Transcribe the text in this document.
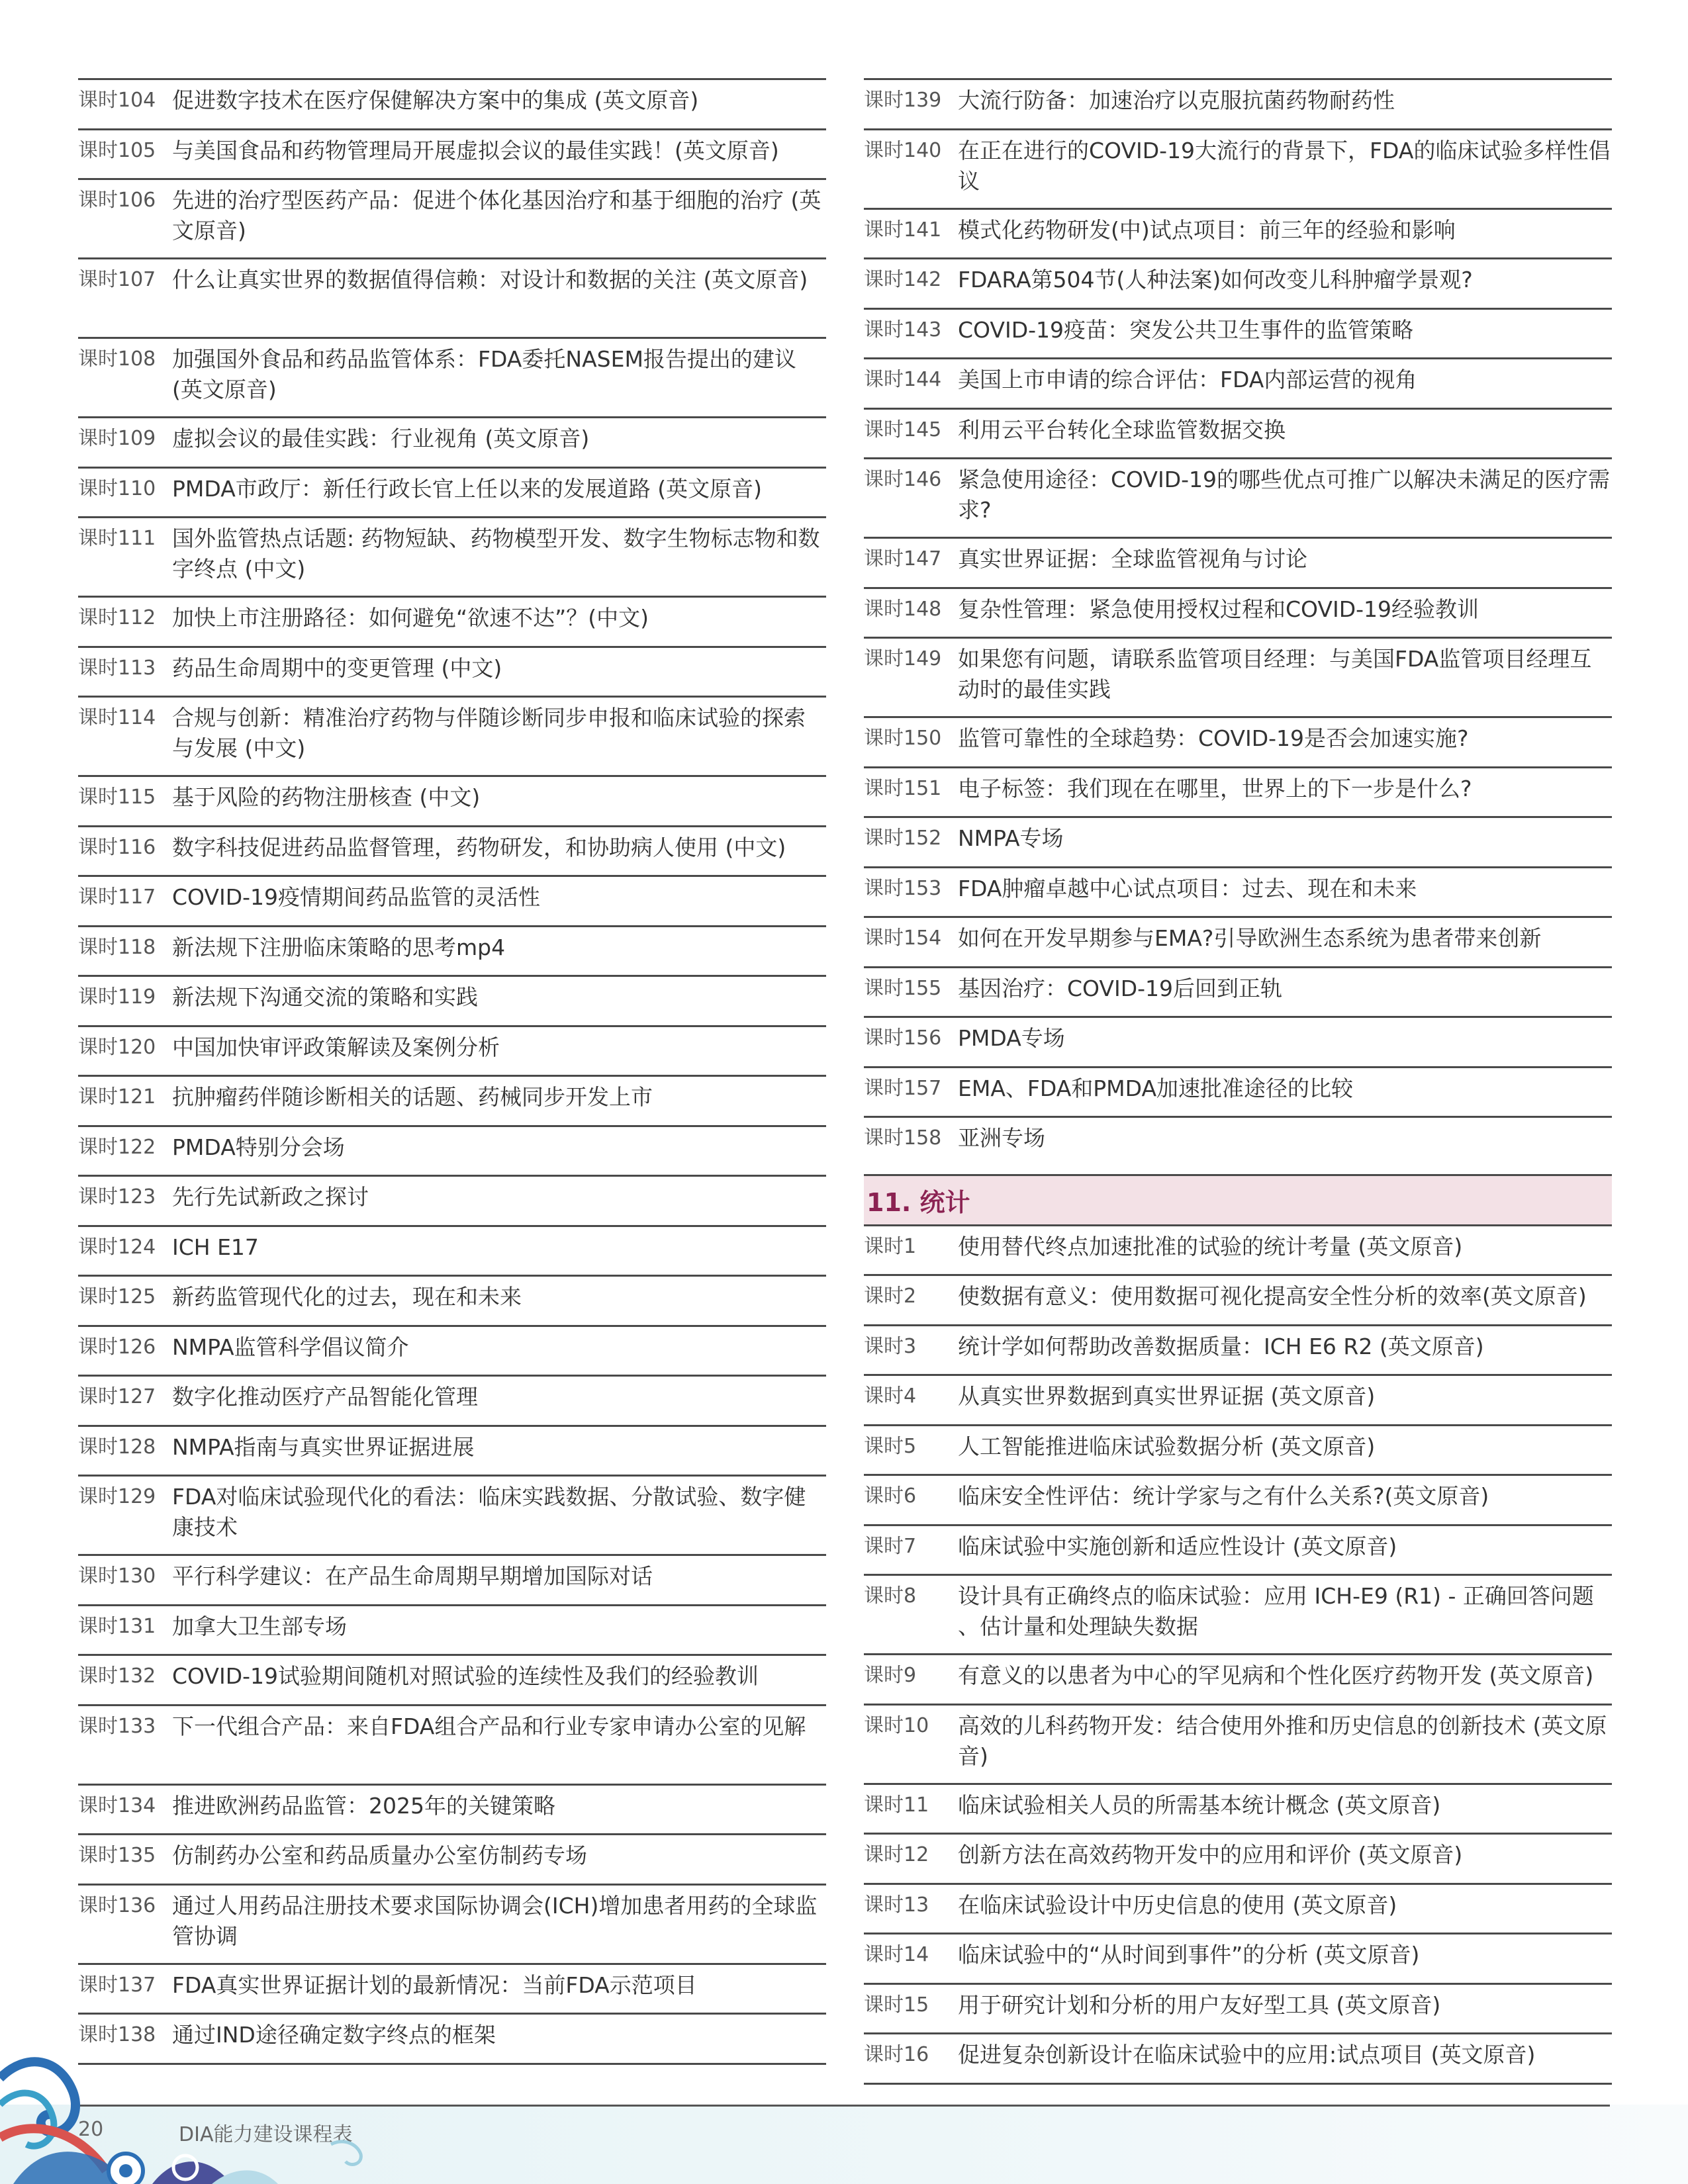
课时104 促进数字技术在医疗保健解决方案中的集成 (英文原音)
课时105 与美国食品和药物管理局开展虚拟会议的最佳实践！(英文原音)
课时106 先进的治疗型医药产品：促进个体化基因治疗和基于细胞的治疗 (英文原音)
课时107 什么让真实世界的数据值得信赖：对设计和数据的关注 (英文原音)
课时108 加强国外食品和药品监管体系：FDA委托NASEM报告提出的建议(英文原音)
课时109 虚拟会议的最佳实践：行业视角 (英文原音)
课时110 PMDA市政厅：新任行政长官上任以来的发展道路 (英文原音)
课时111 国外监管热点话题: 药物短缺、药物模型开发、数字生物标志物和数字终点 (中文)
课时112 加快上市注册路径：如何避免“欲速不达”？(中文)
课时113 药品生命周期中的变更管理 (中文)
课时114 合规与创新：精准治疗药物与伴随诊断同步申报和临床试验的探索与发展 (中文)
课时115 基于风险的药物注册核查 (中文)
课时116 数字科技促进药品监督管理，药物研发，和协助病人使用 (中文)
课时117 COVID-19疫情期间药品监管的灵活性
课时118 新法规下注册临床策略的思考mp4
课时119 新法规下沟通交流的策略和实践
课时120 中国加快审评政策解读及案例分析
课时121 抗肿瘤药伴随诊断相关的话题、药械同步开发上市
课时122 PMDA特别分会场
课时123 先行先试新政之探讨
课时124 ICH E17
课时125 新药监管现代化的过去，现在和未来
课时126 NMPA监管科学倡议简介
课时127 数字化推动医疗产品智能化管理
课时128 NMPA指南与真实世界证据进展
课时129 FDA对临床试验现代化的看法：临床实践数据、分散试验、数字健康技术
课时130 平行科学建议：在产品生命周期早期增加国际对话
课时131 加拿大卫生部专场
课时132 COVID-19试验期间随机对照试验的连续性及我们的经验教训
课时133 下一代组合产品：来自FDA组合产品和行业专家申请办公室的见解
课时134 推进欧洲药品监管：2025年的关键策略
课时135 仿制药办公室和药品质量办公室仿制药专场
课时136 通过人用药品注册技术要求国际协调会(ICH)增加患者用药的全球监管协调
课时137 FDA真实世界证据计划的最新情况：当前FDA示范项目
课时138 通过IND途径确定数字终点的框架
课时139 大流行防备：加速治疗以克服抗菌药物耐药性
课时140 在正在进行的COVID-19大流行的背景下，FDA的临床试验多样性倡议
课时141 模式化药物研发(中)试点项目：前三年的经验和影响
课时142 FDARA第504节(人种法案)如何改变儿科肿瘤学景观?
课时143 COVID-19疫苗：突发公共卫生事件的监管策略
课时144 美国上市申请的综合评估：FDA内部运营的视角
课时145 利用云平台转化全球监管数据交换
课时146 紧急使用途径：COVID-19的哪些优点可推广以解决未满足的医疗需求?
课时147 真实世界证据：全球监管视角与讨论
课时148 复杂性管理：紧急使用授权过程和COVID-19经验教训
课时149 如果您有问题，请联系监管项目经理：与美国FDA监管项目经理互动时的最佳实践
课时150 监管可靠性的全球趋势：COVID-19是否会加速实施?
课时151 电子标签：我们现在在哪里，世界上的下一步是什么?
课时152 NMPA专场
课时153 FDA肿瘤卓越中心试点项目：过去、现在和未来
课时154 如何在开发早期参与EMA?引导欧洲生态系统为患者带来创新
课时155 基因治疗：COVID-19后回到正轨
课时156 PMDA专场
课时157 EMA、FDA和PMDA加速批准途径的比较
课时158 亚洲专场
11. 统计
课时1	使用替代终点加速批准的试验的统计考量 (英文原音)
课时2	使数据有意义：使用数据可视化提高安全性分析的效率(英文原音)
课时3	统计学如何帮助改善数据质量：ICH E6 R2 (英文原音)
课时4	从真实世界数据到真实世界证据 (英文原音)
课时5	人工智能推进临床试验数据分析 (英文原音)
课时6	临床安全性评估：统计学家与之有什么关系?(英文原音)
课时7	临床试验中实施创新和适应性设计 (英文原音)
课时8	设计具有正确终点的临床试验：应用 ICH-E9 (R1) - 正确回答问题 、估计量和处理缺失数据
课时9	有意义的以患者为中心的罕见病和个性化医疗药物开发 (英文原音)
课时10	高效的儿科药物开发：结合使用外推和历史信息的创新技术 (英文原音)
课时11	临床试验相关人员的所需基本统计概念 (英文原音)
课时12	创新方法在高效药物开发中的应用和评价 (英文原音)
课时13	在临床试验设计中历史信息的使用 (英文原音)
课时14	临床试验中的“从时间到事件”的分析 (英文原音)
课时15	用于研究计划和分析的用户友好型工具 (英文原音)
课时16	促进复杂创新设计在临床试验中的应用:试点项目 (英文原音)
20	DIA能力建设课程表
